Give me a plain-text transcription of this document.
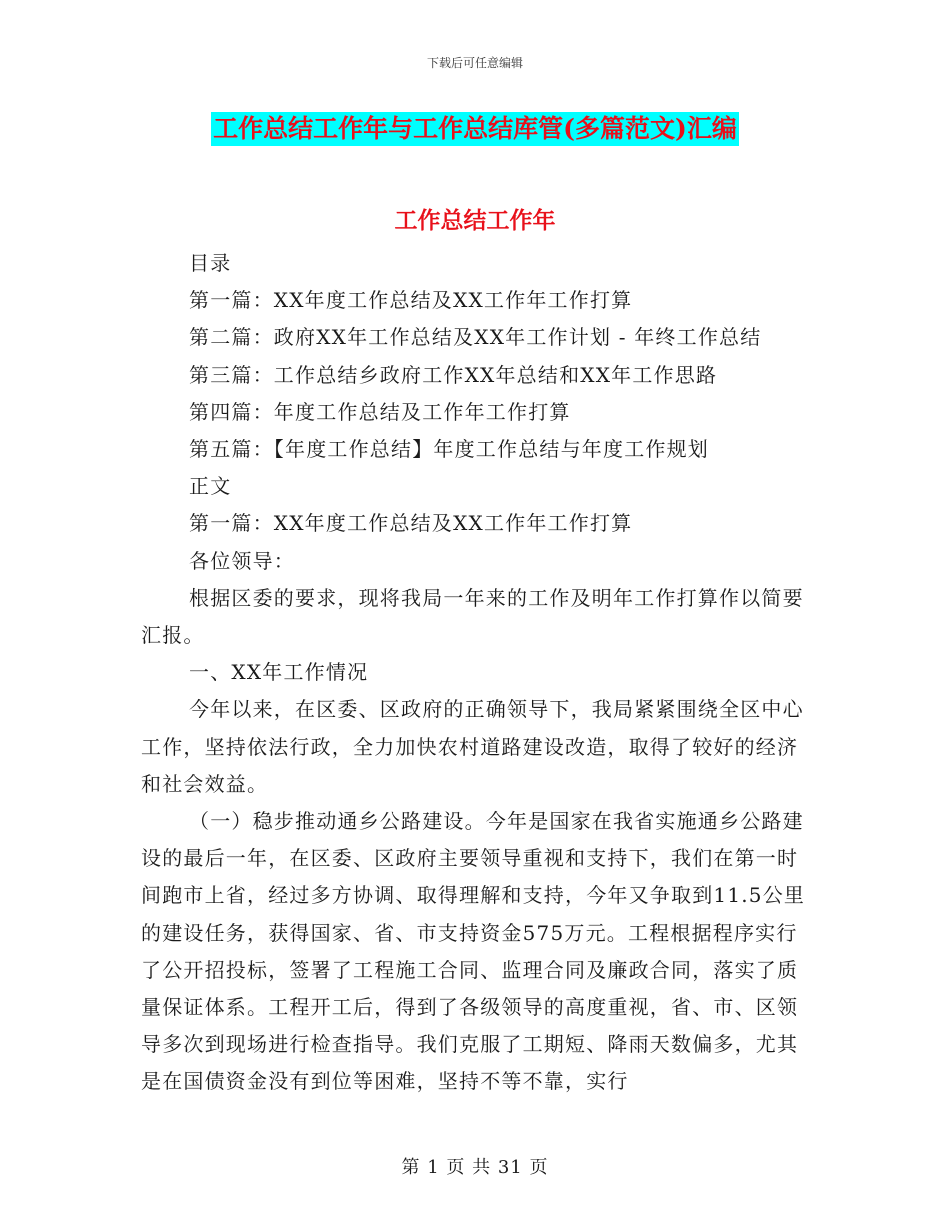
下载后可任意编辑
工作总结工作年与工作总结库管(多篇范文)汇编
工作总结工作年

目录

第一篇：XX年度工作总结及XX工作年工作打算

第二篇：政府XX年工作总结及XX年工作计划 - 年终工作总结

第三篇：工作总结乡政府工作XX年总结和XX年工作思路

第四篇：年度工作总结及工作年工作打算

第五篇：【年度工作总结】年度工作总结与年度工作规划

正文

第一篇：XX年度工作总结及XX工作年工作打算

各位领导：

根据区委的要求，现将我局一年来的工作及明年工作打算作以简要汇报。

一、XX年工作情况

今年以来，在区委、区政府的正确领导下，我局紧紧围绕全区中心工作，坚持依法行政，全力加快农村道路建设改造，取得了较好的经济和社会效益。

（一）稳步推动通乡公路建设。今年是国家在我省实施通乡公路建设的最后一年，在区委、区政府主要领导重视和支持下，我们在第一时间跑市上省，经过多方协调、取得理解和支持，今年又争取到11.5公里的建设任务，获得国家、省、市支持资金575万元。工程根据程序实行了公开招投标，签署了工程施工合同、监理合同及廉政合同，落实了质量保证体系。工程开工后，得到了各级领导的高度重视，省、市、区领导多次到现场进行检查指导。我们克服了工期短、降雨天数偏多，尤其是在国债资金没有到位等困难，坚持不等不靠，实行

第 1 页 共 31 页
